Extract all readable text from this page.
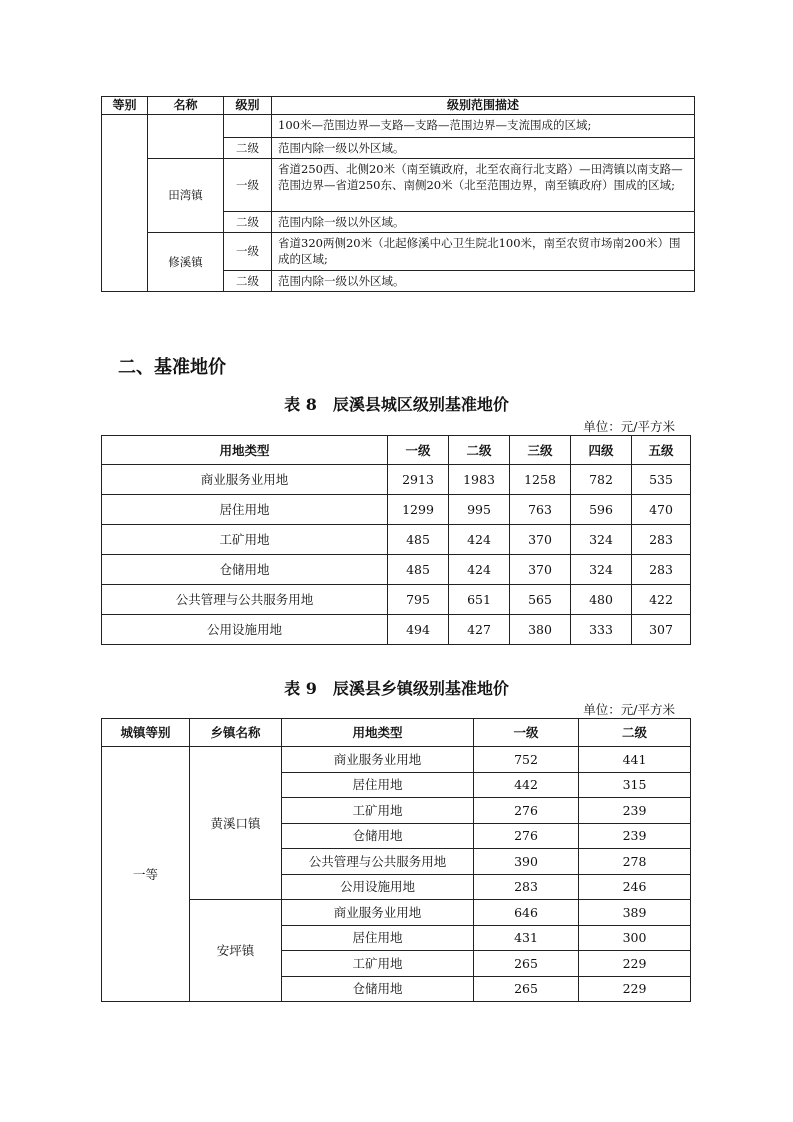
等别	名称	级别	级别范围描述
			100米—范围边界—支路—支路—范围边界—支流围成的区域;
		二级	范围内除一级以外区域。
	田湾镇	一级	省道250西、北侧20米（南至镇政府，北至农商行北支路）—田湾镇以南支路—范围边界—省道250东、南侧20米（北至范围边界，南至镇政府）围成的区域;
		二级	范围内除一级以外区域。
	修溪镇	一级	省道320两侧20米（北起修溪中心卫生院北100米，南至农贸市场南200米）围成的区域;
		二级	范围内除一级以外区域。
二、基准地价
表 8　辰溪县城区级别基准地价
单位：元/平方米
用地类型	一级	二级	三级	四级	五级
商业服务业用地	2913	1983	1258	782	535
居住用地	1299	995	763	596	470
工矿用地	485	424	370	324	283
仓储用地	485	424	370	324	283
公共管理与公共服务用地	795	651	565	480	422
公用设施用地	494	427	380	333	307
表 9　辰溪县乡镇级别基准地价
单位：元/平方米
城镇等别	乡镇名称	用地类型	一级	二级
一等	黄溪口镇	商业服务业用地	752	441
		居住用地	442	315
		工矿用地	276	239
		仓储用地	276	239
		公共管理与公共服务用地	390	278
		公用设施用地	283	246
	安坪镇	商业服务业用地	646	389
		居住用地	431	300
		工矿用地	265	229
		仓储用地	265	229
